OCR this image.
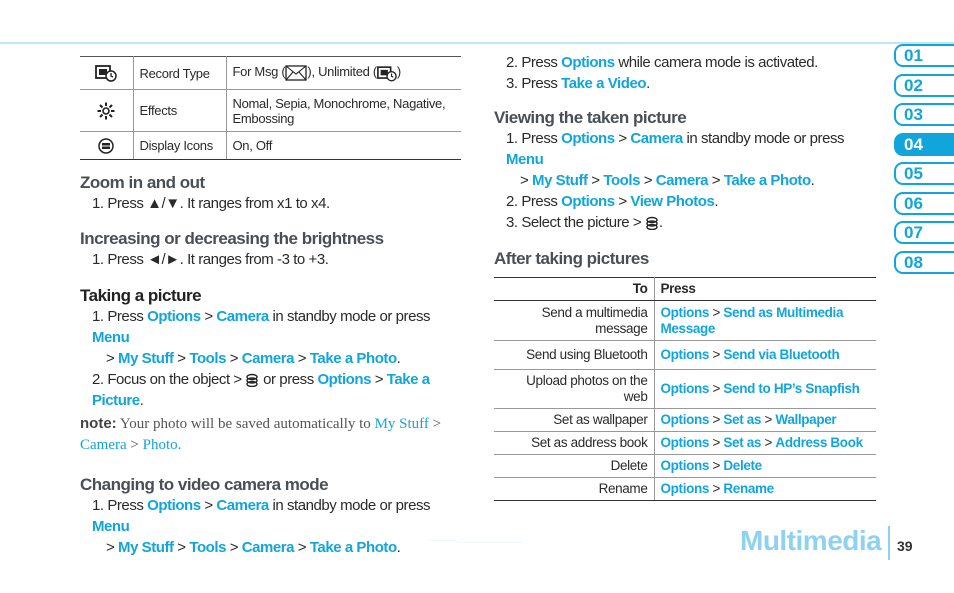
	Record Type	For Msg ( ), Unlimited ( )
	Effects	Nomal, Sepia, Monochrome, Nagative, Embossing
	Display Icons	On, Off
Zoom in and out
1. Press ▲/▼. It ranges from x1 to x4.
Increasing or decreasing the brightness
1. Press ◄/►. It ranges from -3 to +3.
Taking a picture
1. Press Options > Camera in standby mode or press Menu
> My Stuff > Tools > Camera > Take a Photo.
2. Focus on the object >  or press Options > Take a Picture.
note: Your photo will be saved automatically to My Stuff > Camera > Photo.
Changing to video camera mode
1. Press Options > Camera in standby mode or press Menu
> My Stuff > Tools > Camera > Take a Photo.
2. Press Options while camera mode is activated.
3. Press Take a Video.
Viewing the taken picture
1. Press Options > Camera in standby mode or press Menu
> My Stuff > Tools > Camera > Take a Photo.
2. Press Options > View Photos.
3. Select the picture > .
After taking pictures
To	Press
Send a multimedia message	Options > Send as Multimedia Message
Send using Bluetooth	Options > Send via Bluetooth
Upload photos on the web	Options > Send to HP’s Snapfish
Set as wallpaper	Options > Set as > Wallpaper
Set as address book	Options > Set as > Address Book
Delete	Options > Delete
Rename	Options > Rename
01
02
03
04
05
06
07
08
Multimedia 39
